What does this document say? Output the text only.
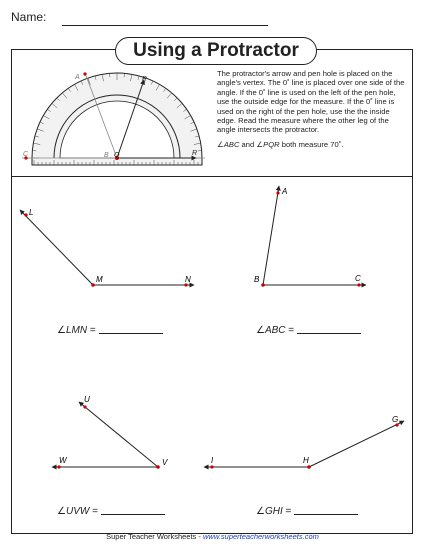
Name:
Using a Protractor
A
B
C
P
Q	R
L
M	N
A
B	C
U
V
W
G
H
I

The protractor's arrow and pen hole is placed on the angle's vertex. The 0˚ line is placed over one side of the angle. If the 0˚ line is used on the left of the pen hole, use the outside edge for the measure. If the 0˚ line is used on the right of the pen hole, use the the inside edge. Read the measure where the other leg of the angle intersects the protractor.

∠ABC and ∠PQR both measure 70˚.

∠LMN =	∠ABC =
∠UVW =	∠GHI =
Super Teacher Worksheets - www.superteacherworksheets.com
